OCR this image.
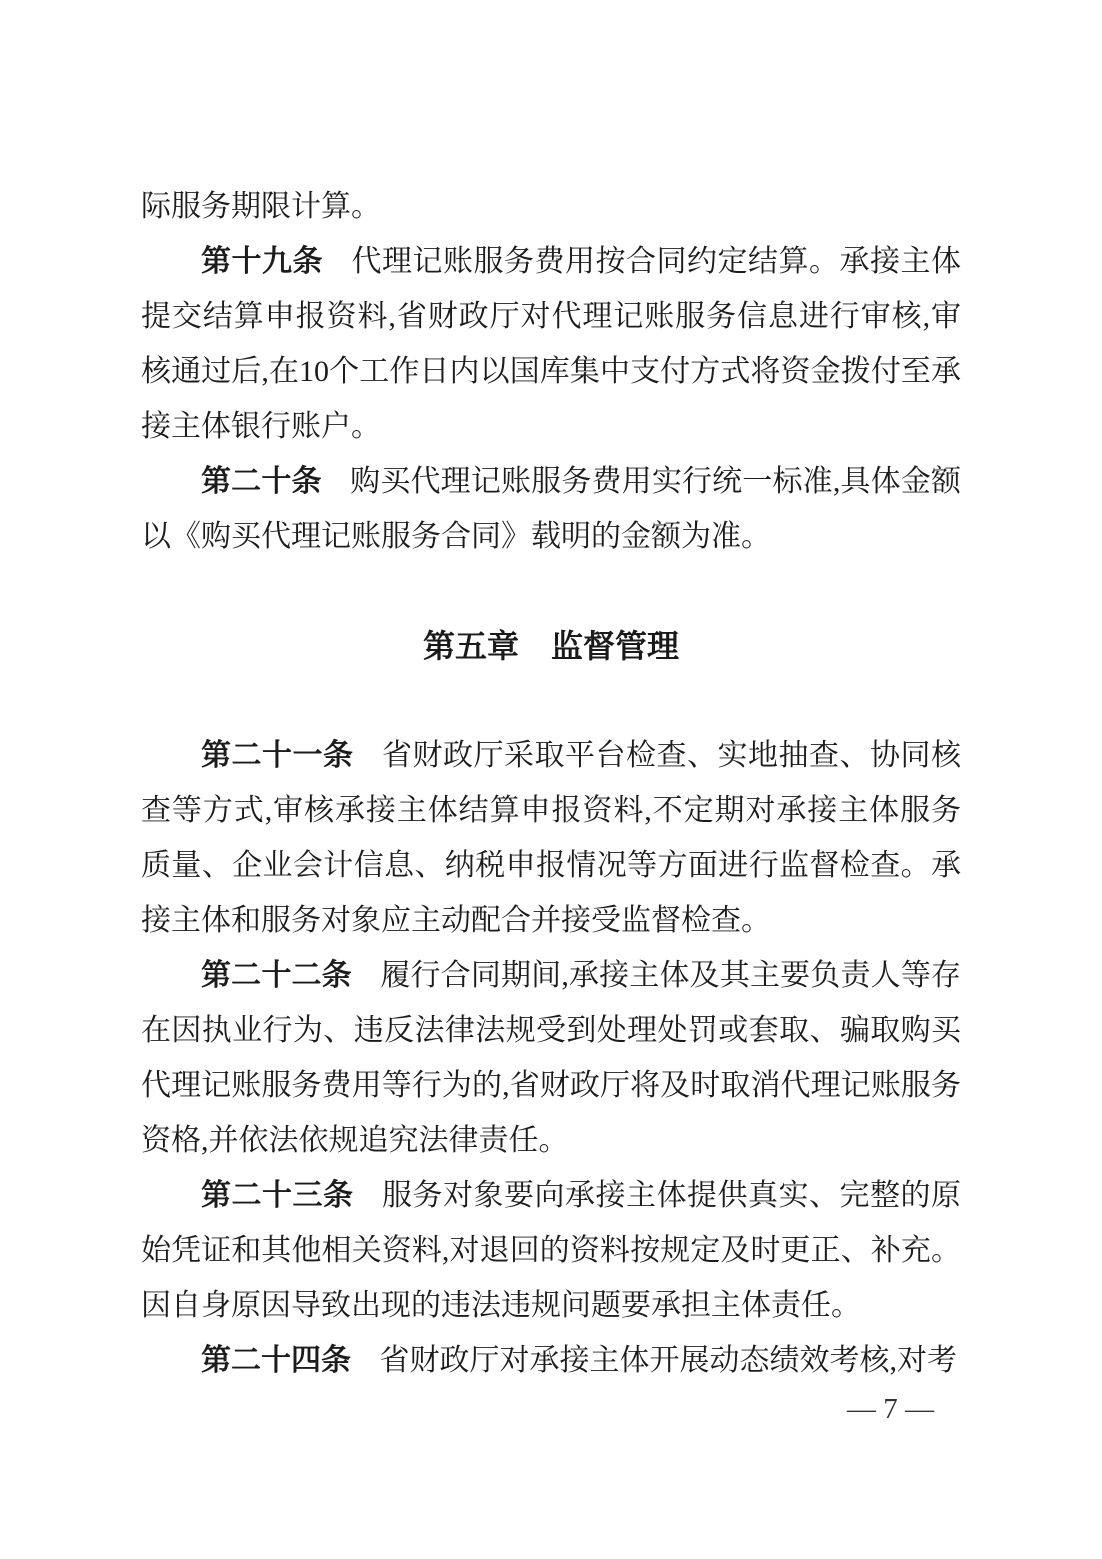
际服务期限计算。

第十九条 代理记账服务费用按合同约定结算。承接主体提交结算申报资料,省财政厅对代理记账服务信息进行审核,审核通过后,在10个工作日内以国库集中支付方式将资金拨付至承接主体银行账户。

第二十条 购买代理记账服务费用实行统一标准,具体金额以《购买代理记账服务合同》载明的金额为准。

第五章 监督管理

第二十一条 省财政厅采取平台检查、实地抽查、协同核查等方式,审核承接主体结算申报资料,不定期对承接主体服务质量、企业会计信息、纳税申报情况等方面进行监督检查。承接主体和服务对象应主动配合并接受监督检查。

第二十二条 履行合同期间,承接主体及其主要负责人等存在因执业行为、违反法律法规受到处理处罚或套取、骗取购买代理记账服务费用等行为的,省财政厅将及时取消代理记账服务资格,并依法依规追究法律责任。

第二十三条 服务对象要向承接主体提供真实、完整的原始凭证和其他相关资料,对退回的资料按规定及时更正、补充。因自身原因导致出现的违法违规问题要承担主体责任。

第二十四条 省财政厅对承接主体开展动态绩效考核,对考

— 7 —
